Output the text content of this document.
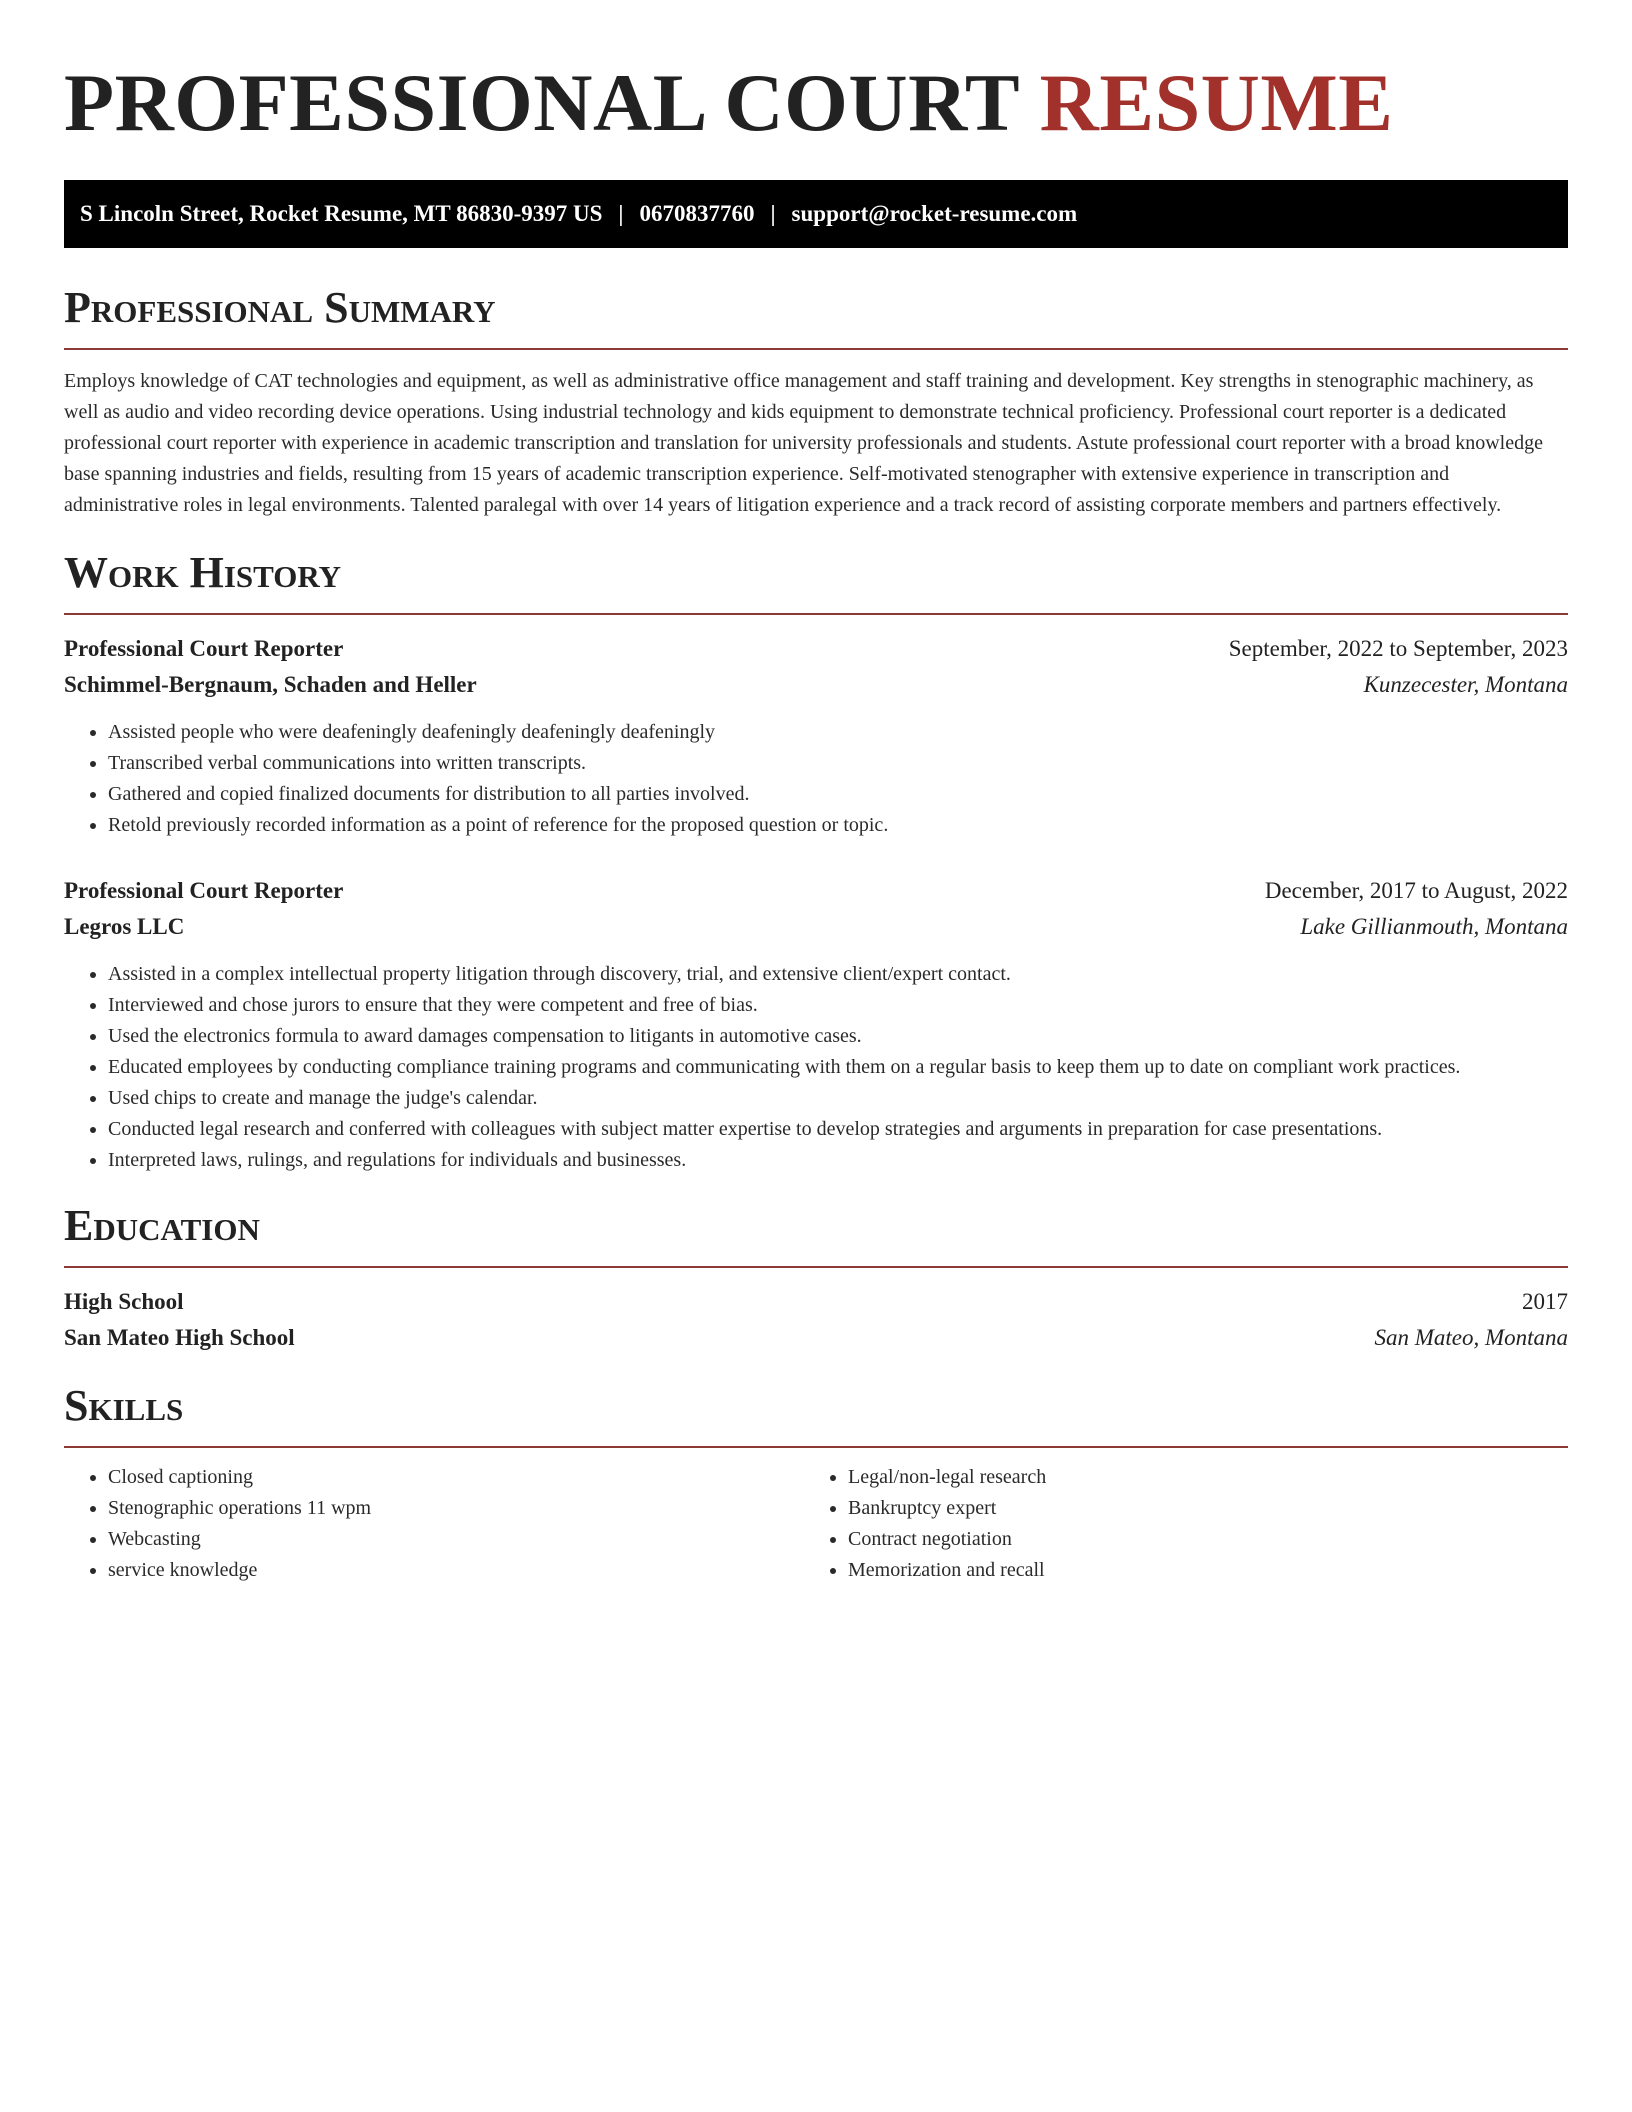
PROFESSIONAL COURT RESUME
S Lincoln Street, Rocket Resume, MT 86830-9397 US | 0670837760 | support@rocket-resume.com
Professional Summary

Employs knowledge of CAT technologies and equipment, as well as administrative office management and staff training and development. Key strengths in stenographic machinery, as well as audio and video recording device operations. Using industrial technology and kids equipment to demonstrate technical proficiency. Professional court reporter is a dedicated professional court reporter with experience in academic transcription and translation for university professionals and students. Astute professional court reporter with a broad knowledge base spanning industries and fields, resulting from 15 years of academic transcription experience. Self-motivated stenographer with extensive experience in transcription and administrative roles in legal environments. Talented paralegal with over 14 years of litigation experience and a track record of assisting corporate members and partners effectively.

Work History
Professional Court Reporter	September, 2022 to September, 2023
Schimmel-Bergnaum, Schaden and Heller	Kunzecester, Montana
• Assisted people who were deafeningly deafeningly deafeningly deafeningly
• Transcribed verbal communications into written transcripts.
• Gathered and copied finalized documents for distribution to all parties involved.
• Retold previously recorded information as a point of reference for the proposed question or topic.
Professional Court Reporter	December, 2017 to August, 2022
Legros LLC	Lake Gillianmouth, Montana
• Assisted in a complex intellectual property litigation through discovery, trial, and extensive client/expert contact.
• Interviewed and chose jurors to ensure that they were competent and free of bias.
• Used the electronics formula to award damages compensation to litigants in automotive cases.
• Educated employees by conducting compliance training programs and communicating with them on a regular basis to keep them up to date on compliant work practices.
• Used chips to create and manage the judge's calendar.
• Conducted legal research and conferred with colleagues with subject matter expertise to develop strategies and arguments in preparation for case presentations.
• Interpreted laws, rulings, and regulations for individuals and businesses.
Education
High School	2017
San Mateo High School	San Mateo, Montana
Skills
• Closed captioning
• Stenographic operations 11 wpm
• Webcasting
• service knowledge
• Legal/non-legal research
• Bankruptcy expert
• Contract negotiation
• Memorization and recall
